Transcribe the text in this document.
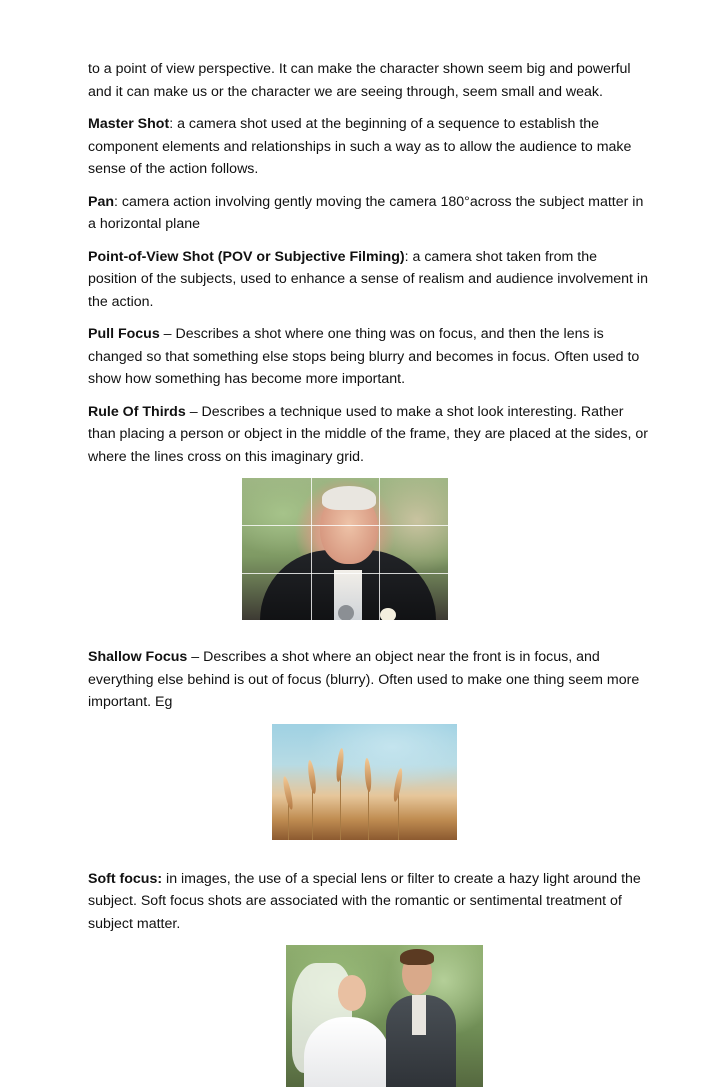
to a point of view perspective. It can make the character shown seem big and powerful and it can make us or the character we are seeing through, seem small and weak.

Master Shot: a camera shot used at the beginning of a sequence to establish the component elements and relationships in such a way as to allow the audience to make sense of the action follows.

Pan: camera action involving gently moving the camera 180°across the subject matter in a horizontal plane

Point-of-View Shot (POV or Subjective Filming): a camera shot taken from the position of the subjects, used to enhance a sense of realism and audience involvement in the action.

Pull Focus – Describes a shot where one thing was on focus, and then the lens is changed so that something else stops being blurry and becomes in focus. Often used to show how something has become more important.

Rule Of Thirds – Describes a technique used to make a shot look interesting. Rather than placing a person or object in the middle of the frame, they are placed at the sides, or where the lines cross on this imaginary grid.

Shallow Focus – Describes a shot where an object near the front is in focus, and everything else behind is out of focus (blurry). Often used to make one thing seem more important. Eg

Soft focus: in images, the use of a special lens or filter to create a hazy light around the subject. Soft focus shots are associated with the romantic or sentimental treatment of subject matter.
